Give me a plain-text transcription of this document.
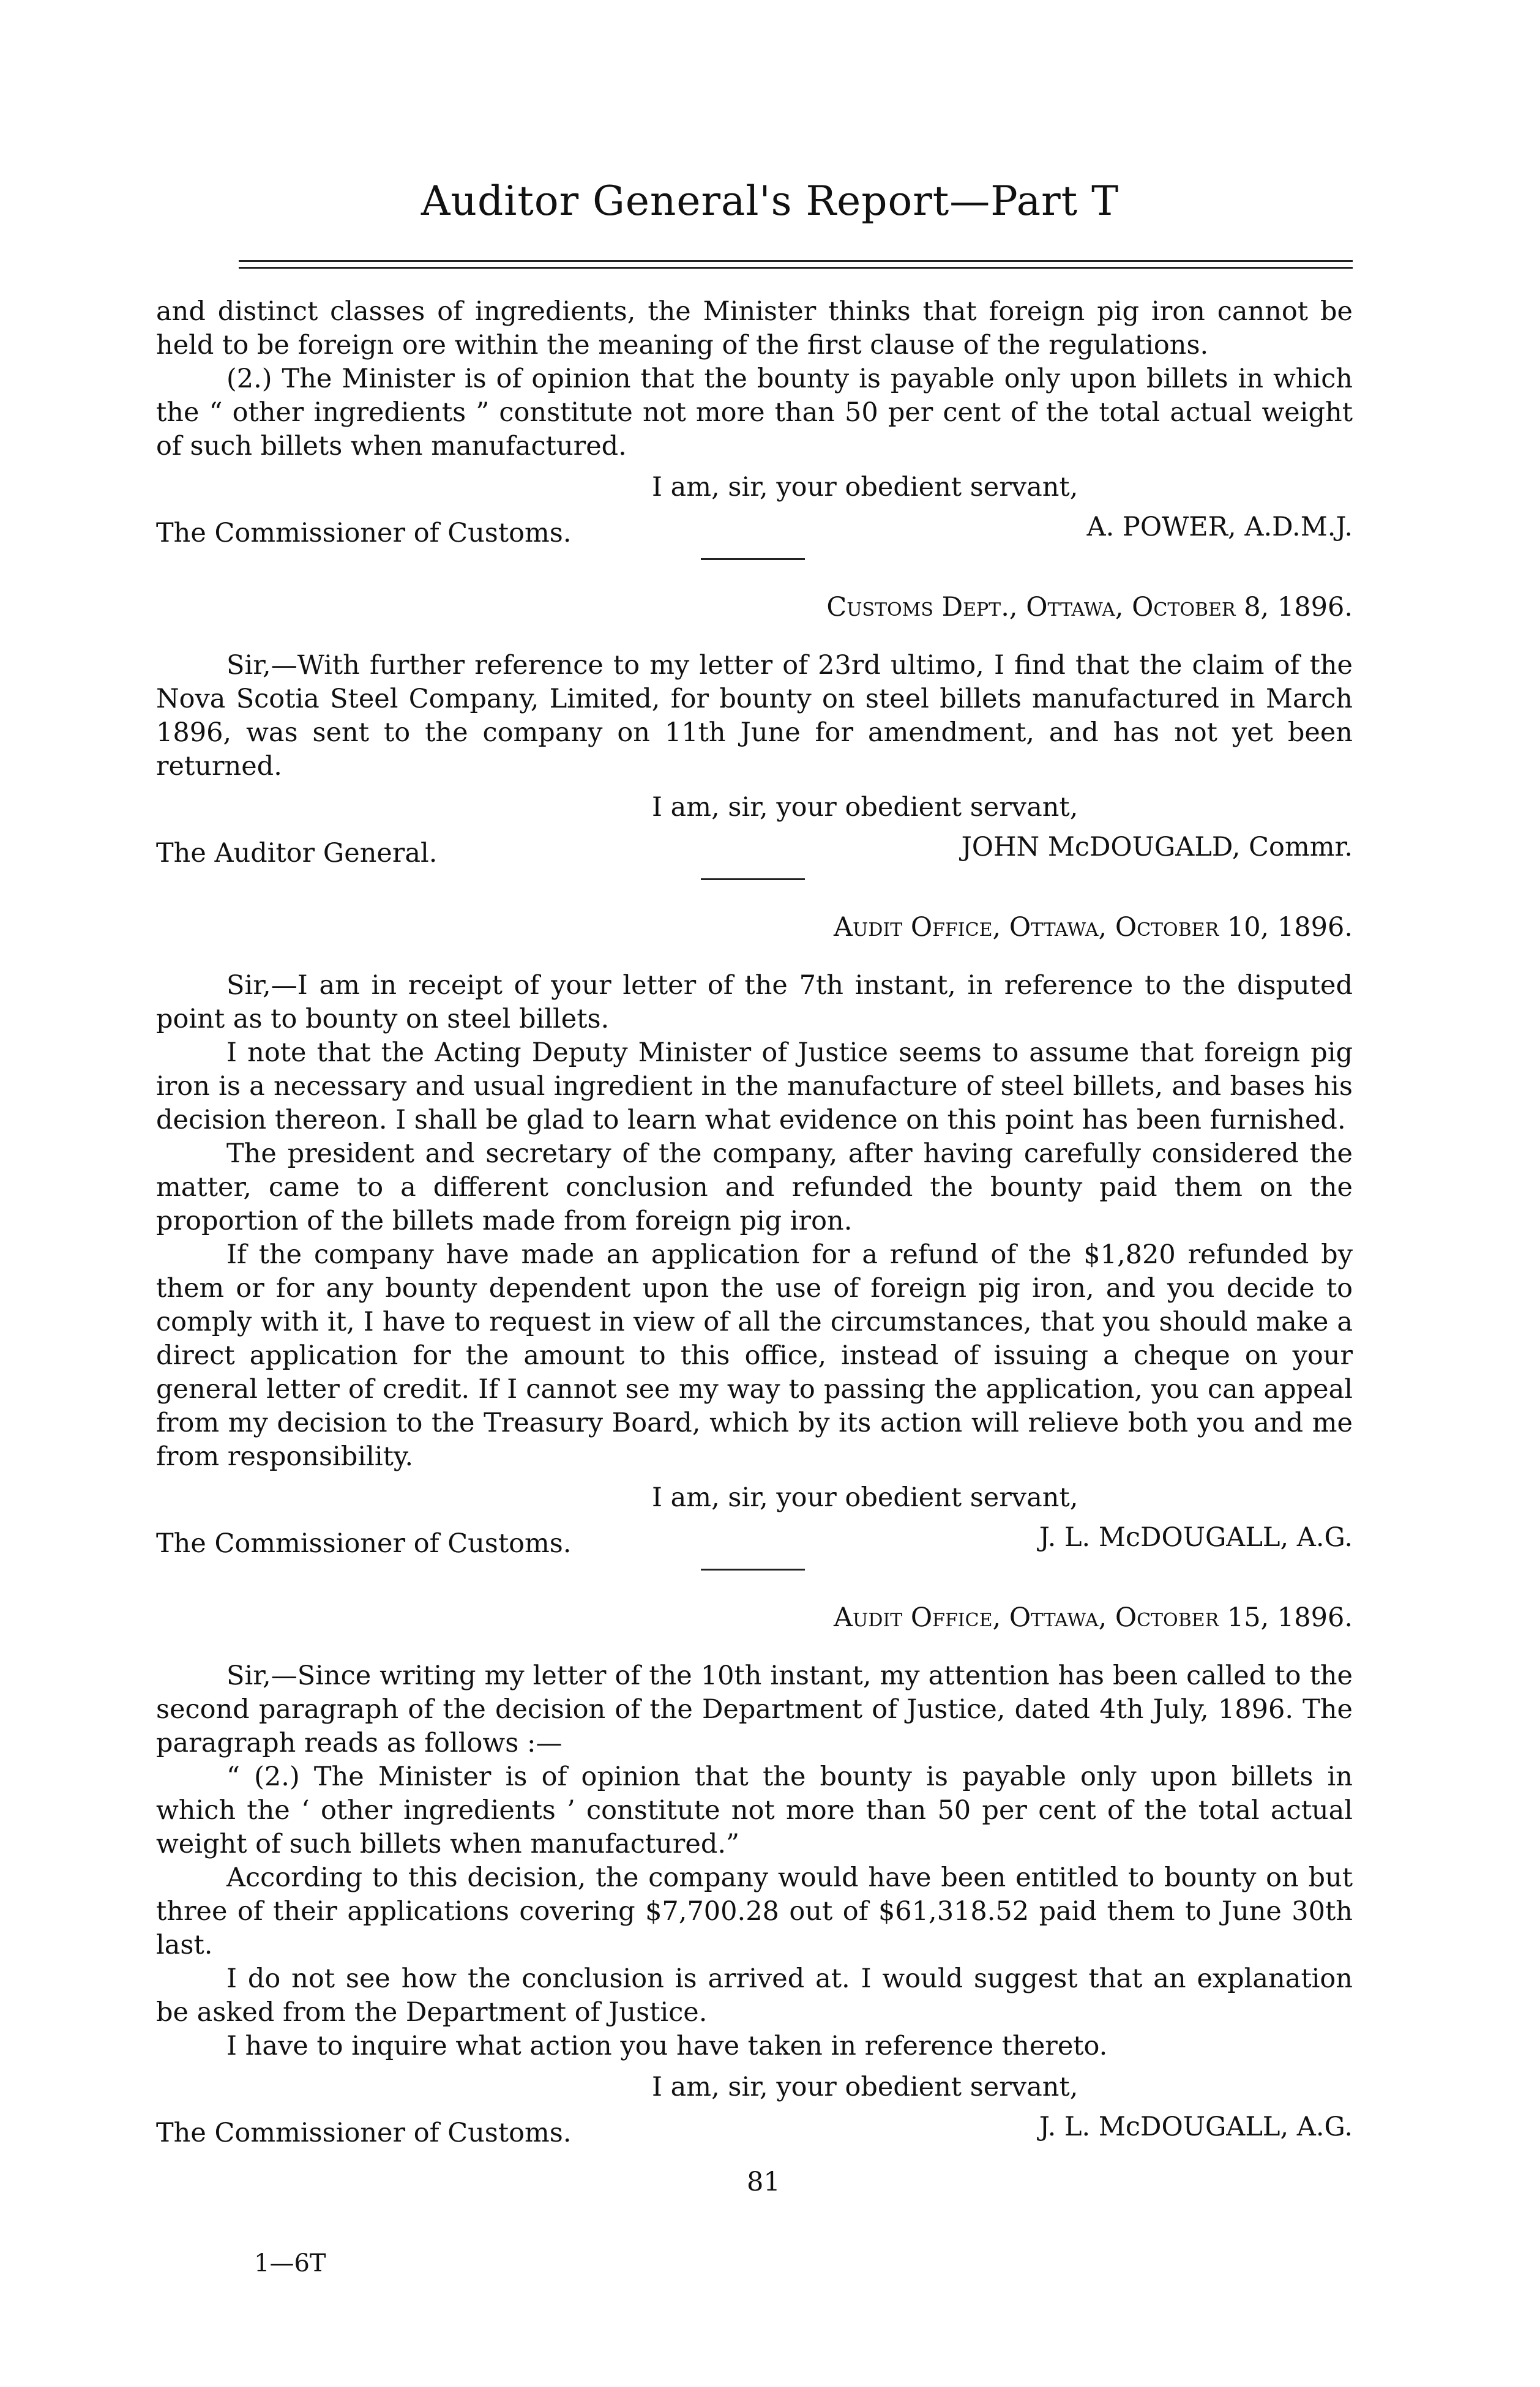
Auditor General's Report—Part T

and distinct classes of ingredients, the Minister thinks that foreign pig iron cannot be held to be foreign ore within the meaning of the first clause of the regulations.

(2.) The Minister is of opinion that the bounty is payable only upon billets in which the “ other ingredients ” constitute not more than 50 per cent of the total actual weight of such billets when manufactured.

I am, sir, your obedient servant,

The Commissioner of Customs.	A. POWER, A.D.M.J.

Customs Dept., Ottawa, October 8, 1896.

Sir,—With further reference to my letter of 23rd ultimo, I find that the claim of the Nova Scotia Steel Company, Limited, for bounty on steel billets manufactured in March 1896, was sent to the company on 11th June for amendment, and has not yet been returned.

I am, sir, your obedient servant,

The Auditor General.	JOHN McDOUGALD, Commr.

Audit Office, Ottawa, October 10, 1896.

Sir,—I am in receipt of your letter of the 7th instant, in reference to the disputed point as to bounty on steel billets.

I note that the Acting Deputy Minister of Justice seems to assume that foreign pig iron is a necessary and usual ingredient in the manufacture of steel billets, and bases his decision thereon. I shall be glad to learn what evidence on this point has been furnished.

The president and secretary of the company, after having carefully considered the matter, came to a different conclusion and refunded the bounty paid them on the proportion of the billets made from foreign pig iron.

If the company have made an application for a refund of the $1,820 refunded by them or for any bounty dependent upon the use of foreign pig iron, and you decide to comply with it, I have to request in view of all the circumstances, that you should make a direct application for the amount to this office, instead of issuing a cheque on your general letter of credit. If I cannot see my way to passing the application, you can appeal from my decision to the Treasury Board, which by its action will relieve both you and me from responsibility.

I am, sir, your obedient servant,

The Commissioner of Customs.	J. L. McDOUGALL, A.G.

Audit Office, Ottawa, October 15, 1896.

Sir,—Since writing my letter of the 10th instant, my attention has been called to the second paragraph of the decision of the Department of Justice, dated 4th July, 1896. The paragraph reads as follows :—

“ (2.) The Minister is of opinion that the bounty is payable only upon billets in which the ‘ other ingredients ’ constitute not more than 50 per cent of the total actual weight of such billets when manufactured.”

According to this decision, the company would have been entitled to bounty on but three of their applications covering $7,700.28 out of $61,318.52 paid them to June 30th last.

I do not see how the conclusion is arrived at. I would suggest that an explanation be asked from the Department of Justice.

I have to inquire what action you have taken in reference thereto.

I am, sir, your obedient servant,

The Commissioner of Customs.	J. L. McDOUGALL, A.G.
81
1—6T
